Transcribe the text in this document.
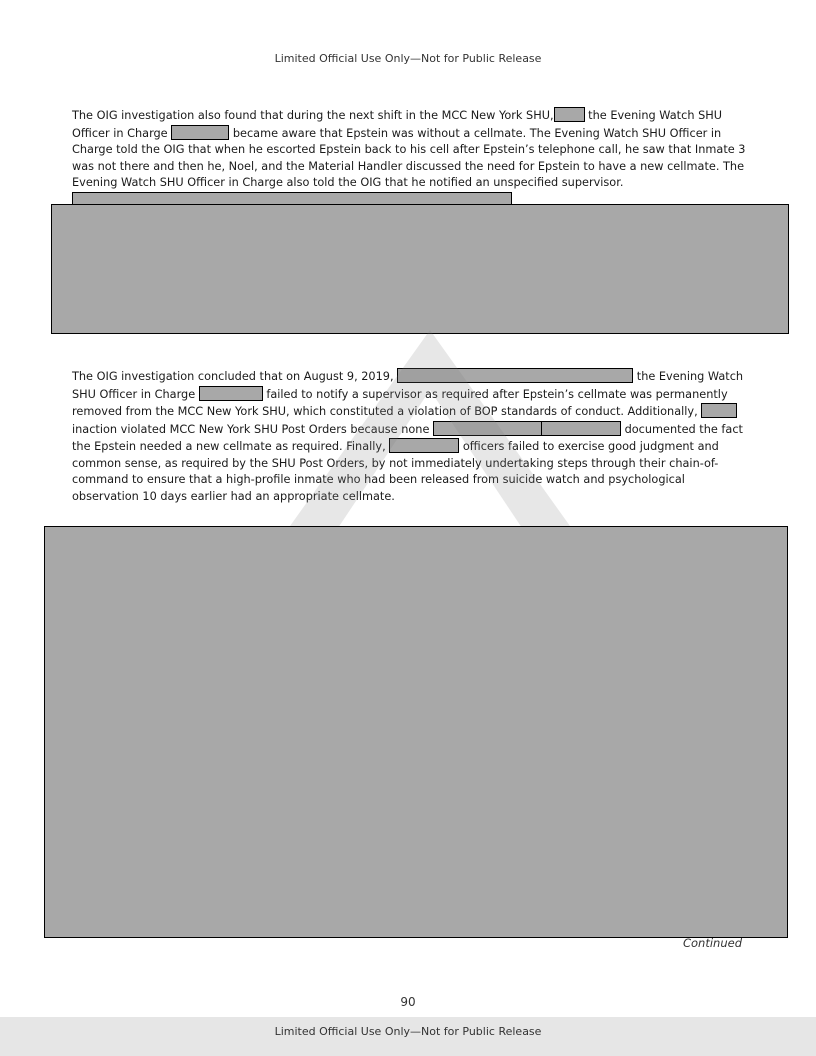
Limited Official Use Only—Not for Public Release

The OIG investigation also found that during the next shift in the MCC New York SHU,	the Evening Watch SHU Officer in Charge	became aware that Epstein was without a cellmate. The Evening Watch SHU Officer in Charge told the OIG that when he escorted Epstein back to his cell after Epstein’s telephone call, he saw that Inmate 3 was not there and then he, Noel, and the Material Handler discussed the need for Epstein to have a new cellmate. The Evening Watch SHU Officer in Charge also told the OIG that he notified an unspecified supervisor.

The OIG investigation concluded that on August 9, 2019,	the Evening Watch SHU Officer in Charge	failed to notify a supervisor as required after Epstein’s cellmate was permanently removed from the MCC New York SHU, which constituted a violation of BOP standards of conduct. Additionally,  inaction violated MCC New York SHU Post Orders because none	documented the fact the Epstein needed a new cellmate as required. Finally,	officers failed to exercise good judgment and common sense, as required by the SHU Post Orders, by not immediately undertaking steps through their chain-of-command to ensure that a high-profile inmate who had been released from suicide watch and psychological observation 10 days earlier had an appropriate cellmate.

Continued
90
Limited Official Use Only—Not for Public Release
